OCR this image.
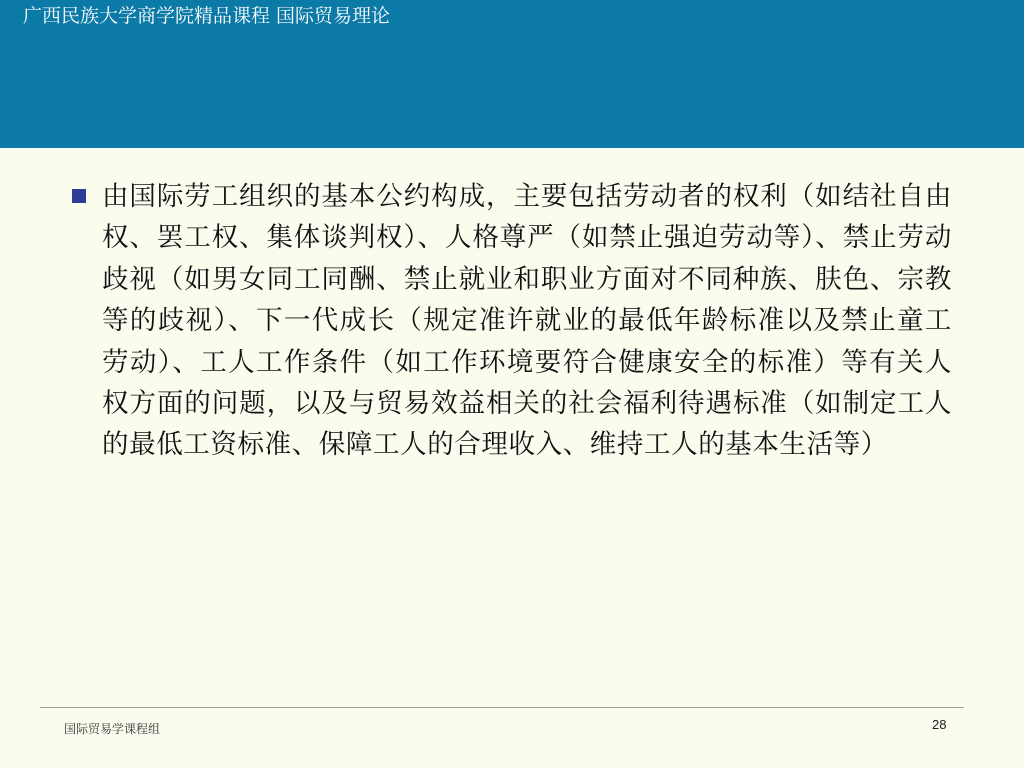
广西民族大学商学院精品课程 国际贸易理论

由国际劳工组织的基本公约构成，主要包括劳动者的权利（如结社自由权、罢工权、集体谈判权）、人格尊严（如禁止强迫劳动等）、禁止劳动歧视（如男女同工同酬、禁止就业和职业方面对不同种族、肤色、宗教等的歧视）、下一代成长（规定准许就业的最低年龄标准以及禁止童工劳动）、工人工作条件（如工作环境要符合健康安全的标准）等有关人权方面的问题，以及与贸易效益相关的社会福利待遇标准（如制定工人的最低工资标准、保障工人的合理收入、维持工人的基本生活等）

国际贸易学课程组	28
